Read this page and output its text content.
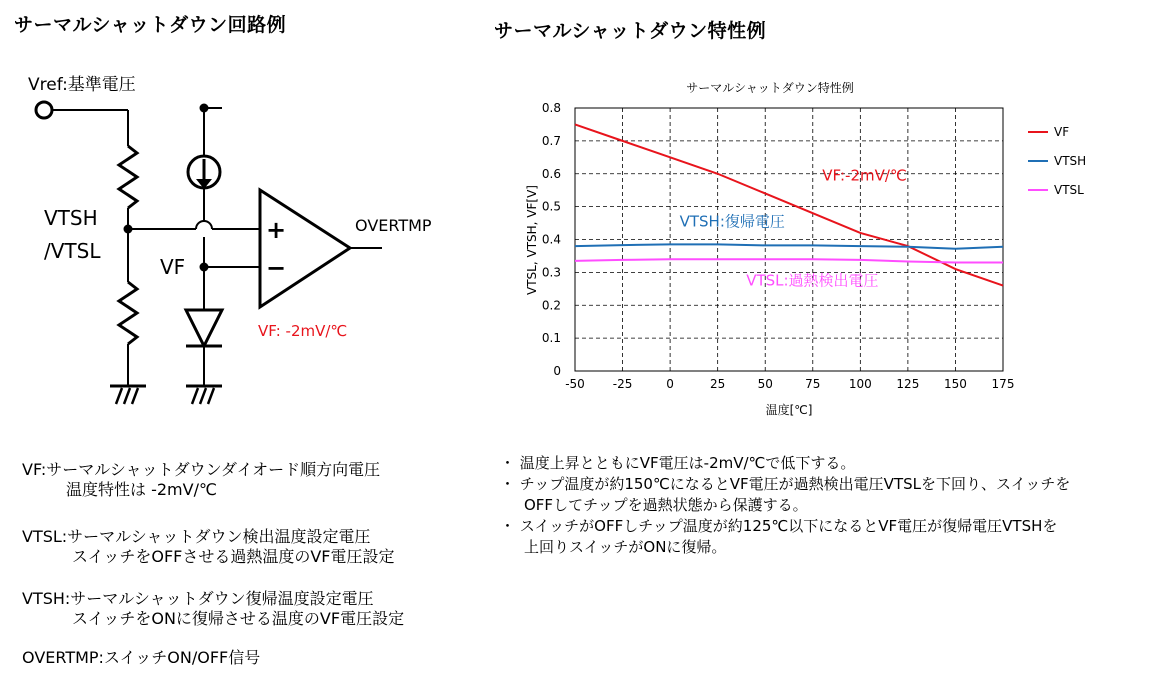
サーマルシャットダウン回路例	サーマルシャットダウン特性例
Vref:基準電圧
VTSH
/VTSL
VF
+
−
OVERTMP
VF: -2mV/℃
VF:サーマルシャットダウンダイオード順方向電圧
温度特性は -2mV/℃
VTSL:サーマルシャットダウン検出温度設定電圧
スイッチをOFFさせる過熱温度のVF電圧設定
VTSH:サーマルシャットダウン復帰温度設定電圧
スイッチをONに復帰させる温度のVF電圧設定
OVERTMP:スイッチON/OFF信号
・ 温度上昇とともにVF電圧は-2mV/℃で低下する。
・ チップ温度が約150℃になるとVF電圧が過熱検出電圧VTSLを下回り、スイッチを
OFFしてチップを過熱状態から保護する。
・ スイッチがOFFしチップ温度が約125℃以下になるとVF電圧が復帰電圧VTSHを
上回りスイッチがONに復帰。
サーマルシャットダウン特性例
-50 -25	0	25	50	75 100 125 150 175
0
0.1
0.2
0.3
0.4
0.5
0.6
0.7
0.8
VF:-2mV/℃
VTSH:復帰電圧
VTSL:過熱検出電圧
VF
VTSH
VTSL
温度[℃]
VTSL, VTSH, VF[V]
